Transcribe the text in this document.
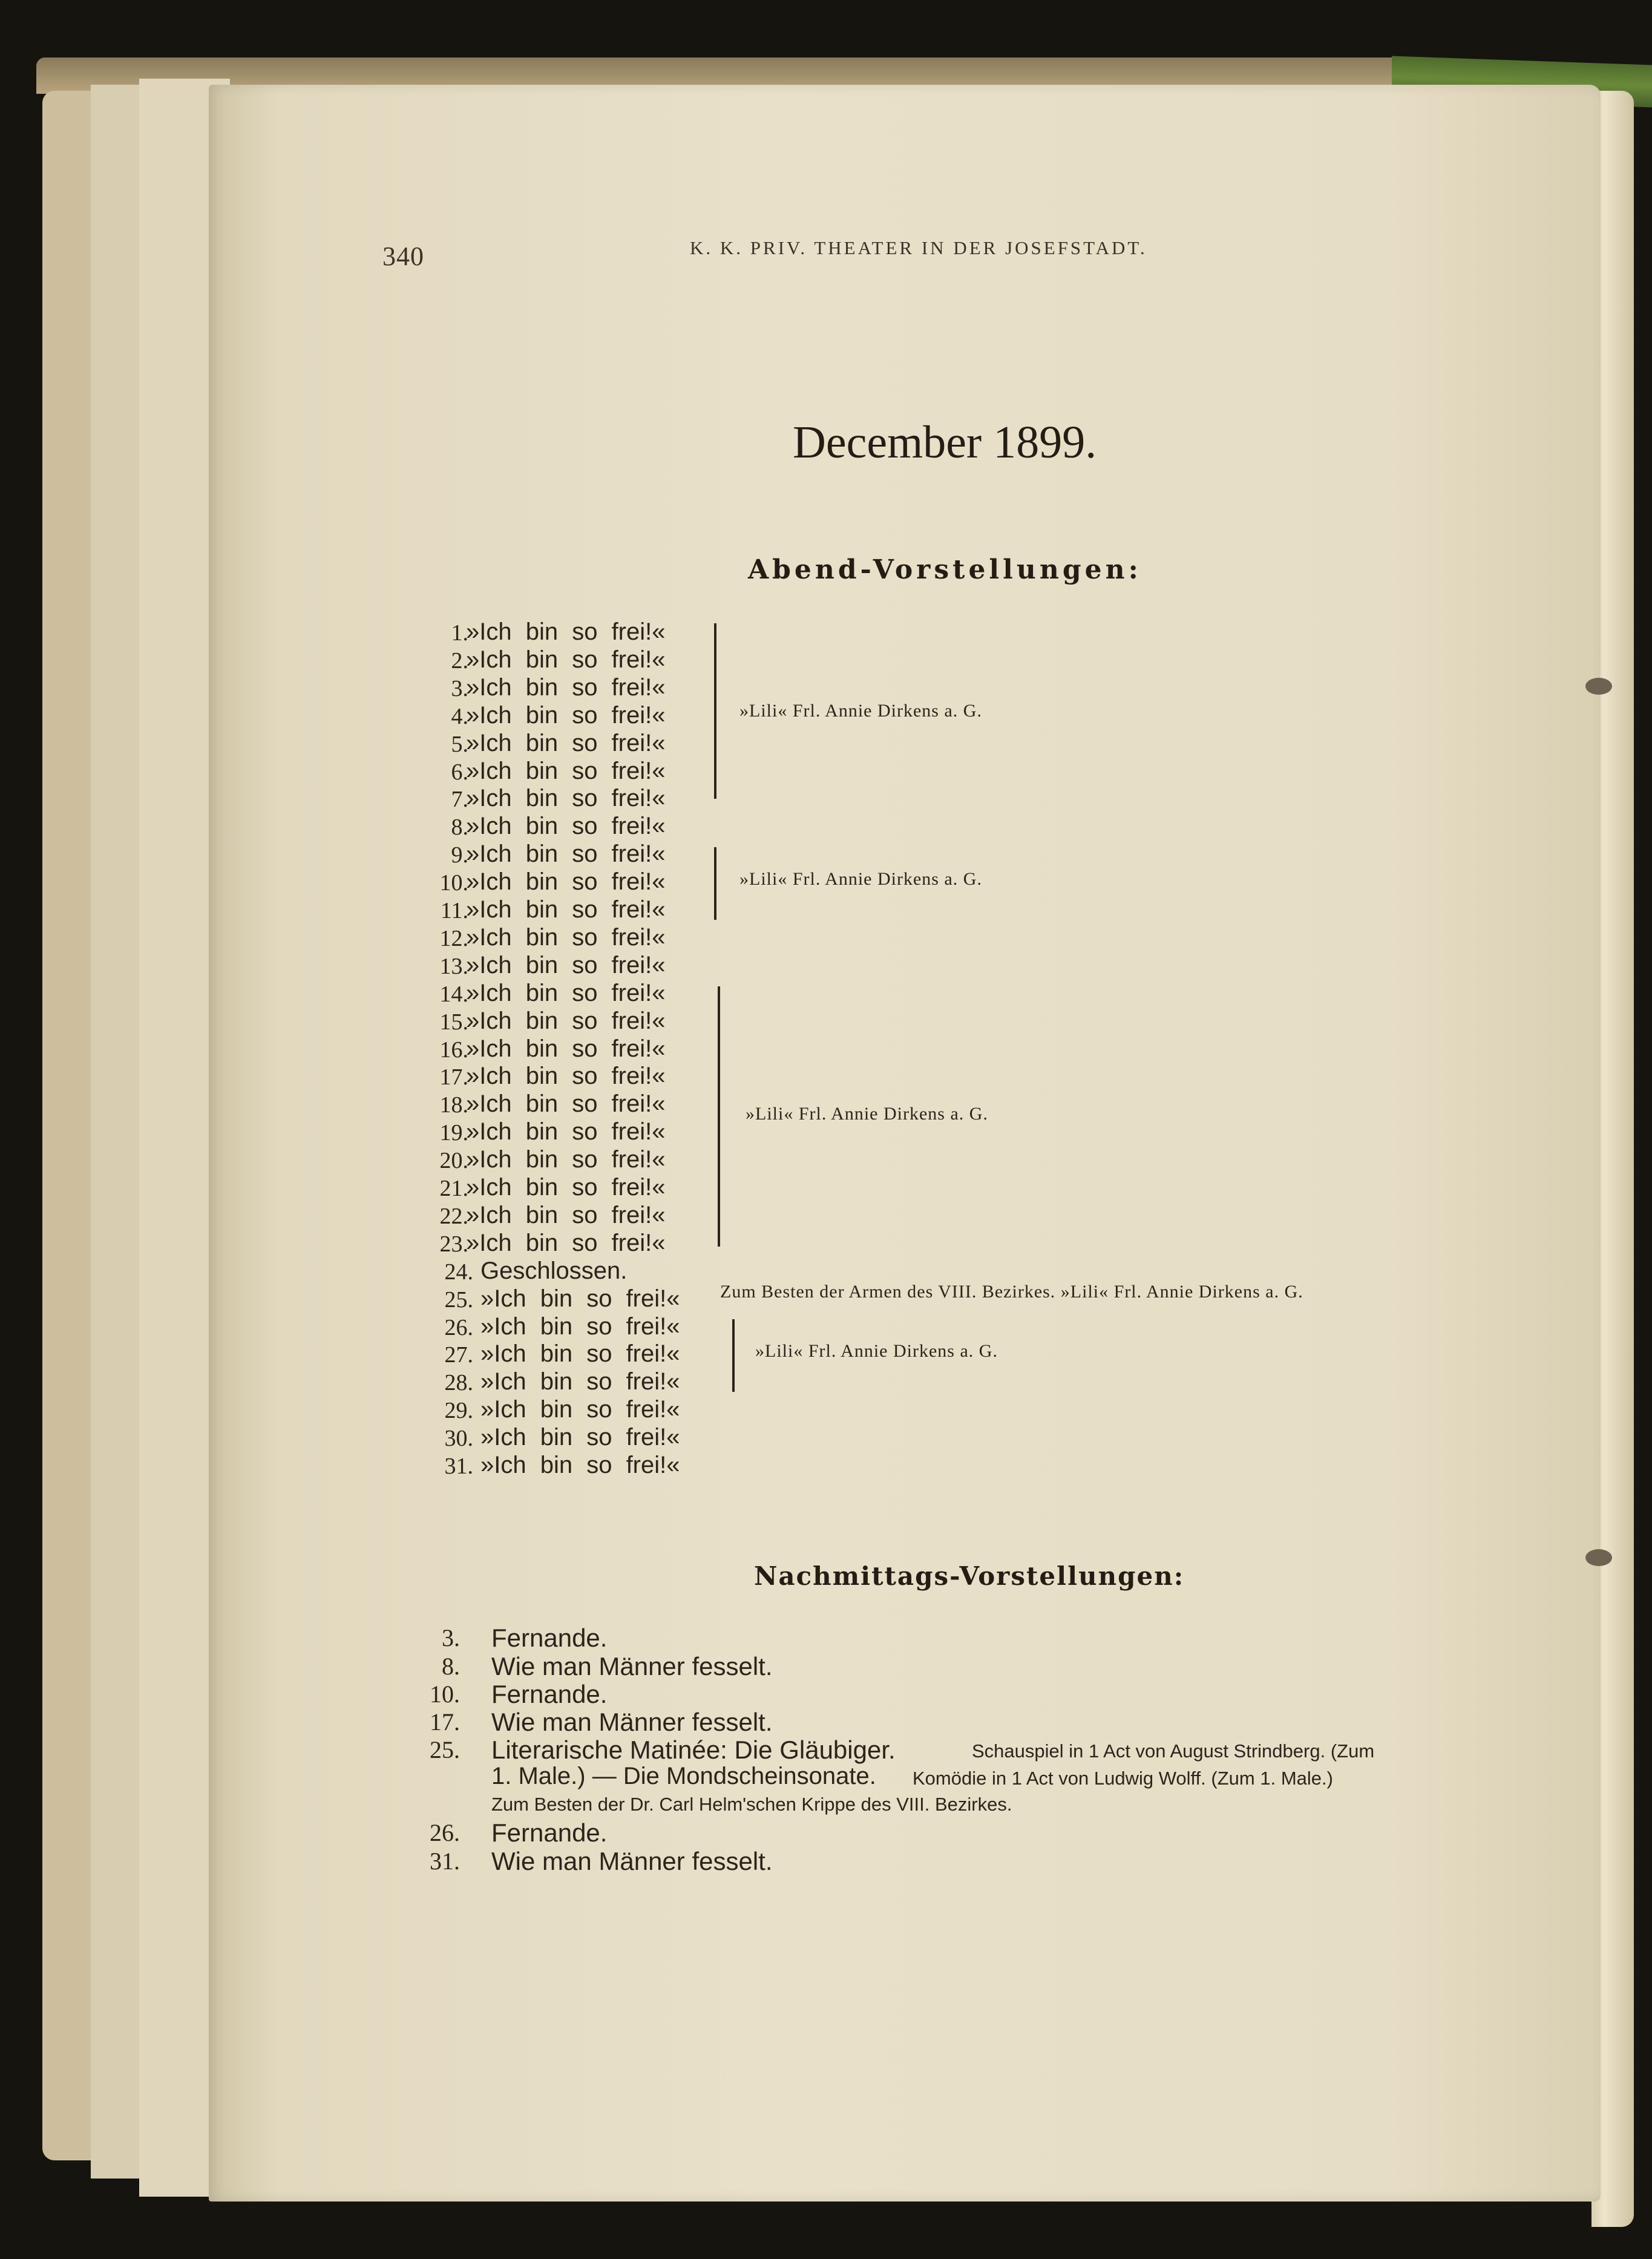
340	K. K. PRIV. THEATER IN DER JOSEFSTADT.
December 1899.
Abend-Vorstellungen:
1.
»Ich bin so frei!«
2.
»Ich bin so frei!«
3.
»Ich bin so frei!«
4.
»Ich bin so frei!«
5.
»Ich bin so frei!«
6.
»Ich bin so frei!«
7.
»Ich bin so frei!«
8.
»Ich bin so frei!«
9.
»Ich bin so frei!«
10.
»Ich bin so frei!«
11.
»Ich bin so frei!«
12.
»Ich bin so frei!«
13.
»Ich bin so frei!«
14.
»Ich bin so frei!«
15.
»Ich bin so frei!«
16.
»Ich bin so frei!«
17.
»Ich bin so frei!«
18.
»Ich bin so frei!«
19.
»Ich bin so frei!«
20.
»Ich bin so frei!«
21.
»Ich bin so frei!«
22.
»Ich bin so frei!«
23.
»Ich bin so frei!«
24. Geschlossen.
25. »Ich bin so frei!«
26. »Ich bin so frei!«
27. »Ich bin so frei!«
28. »Ich bin so frei!«
29. »Ich bin so frei!«
30. »Ich bin so frei!«
31. »Ich bin so frei!«
»Lili« Frl. Annie Dirkens a. G.
»Lili« Frl. Annie Dirkens a. G.
»Lili« Frl. Annie Dirkens a. G.
Zum Besten der Armen des VIII. Bezirkes. »Lili« Frl. Annie Dirkens a. G.
»Lili« Frl. Annie Dirkens a. G.
Nachmittags-Vorstellungen:
3. Fernande.
8. Wie man Männer fesselt.
10. Fernande.
17. Wie man Männer fesselt.
25. Literarische Matinée: Die Gläubiger.	Schauspiel in 1 Act von August Strindberg. (Zum
1. Male.) — Die Mondscheinsonate. Komödie in 1 Act von Ludwig Wolff. (Zum 1. Male.)
Zum Besten der Dr. Carl Helm'schen Krippe des VIII. Bezirkes.
26. Fernande.
31. Wie man Männer fesselt.
